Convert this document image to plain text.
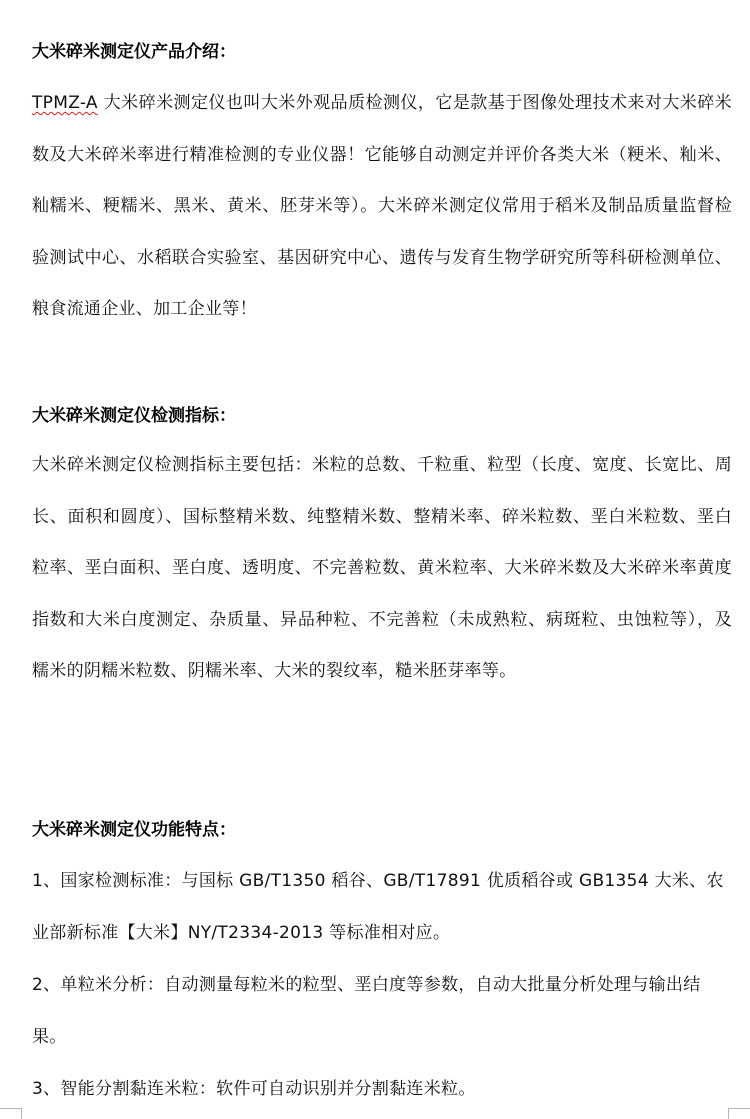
大米碎米测定仪产品介绍：
TPMZ-A 大米碎米测定仪也叫大米外观品质检测仪，它是款基于图像处理技术来对大米碎米数及大米碎米率进行精准检测的专业仪器！它能够自动测定并评价各类大米（粳米、籼米、籼糯米、粳糯米、黑米、黄米、胚芽米等）。大米碎米测定仪常用于稻米及制品质量监督检验测试中心、水稻联合实验室、基因研究中心、遗传与发育生物学研究所等科研检测单位、粮食流通企业、加工企业等！
大米碎米测定仪检测指标：
大米碎米测定仪检测指标主要包括：米粒的总数、千粒重、粒型（长度、宽度、长宽比、周长、面积和圆度）、国标整精米数、纯整精米数、整精米率、碎米粒数、垩白米粒数、垩白粒率、垩白面积、垩白度、透明度、不完善粒数、黄米粒率、大米碎米数及大米碎米率黄度指数和大米白度测定、杂质量、异品种粒、不完善粒（未成熟粒、病斑粒、虫蚀粒等），及糯米的阴糯米粒数、阴糯米率、大米的裂纹率，糙米胚芽率等。
大米碎米测定仪功能特点：
1、国家检测标准：与国标 GB/T1350 稻谷、GB/T17891 优质稻谷或 GB1354 大米、农业部新标准【大米】NY/T2334-2013 等标准相对应。
2、单粒米分析：自动测量每粒米的粒型、垩白度等参数，自动大批量分析处理与输出结果。
3、智能分割黏连米粒：软件可自动识别并分割黏连米粒。
